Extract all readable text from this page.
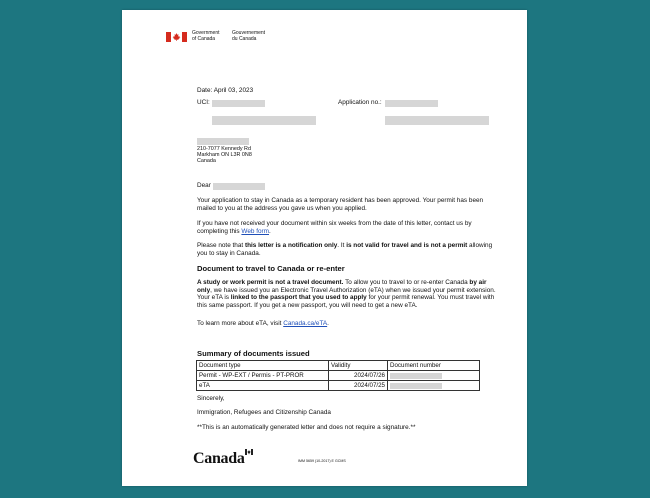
Government
of Canada
Gouvernement
du Canada
Date: April 03, 2023
UCI:	Application no.:
210-7077 Kennedy Rd
Markham ON L3R 0N8
Canada
Dear
Your application to stay in Canada as a temporary resident has been approved. Your permit has been mailed to you at the address you gave us when you applied.
If you have not received your document within six weeks from the date of this letter, contact us by completing this Web form.
Please note that this letter is a notification only. It is not valid for travel and is not a permit allowing you to stay in Canada.
Document to travel to Canada or re-enter
A study or work permit is not a travel document. To allow you to travel to or re-enter Canada by air only, we have issued you an Electronic Travel Authorization (eTA) when we issued your permit extension. Your eTA is linked to the passport that you used to apply for your permit renewal. You must travel with this same passport. If you get a new passport, you will need to get a new eTA.
To learn more about eTA, visit Canada.ca/eTA.
Summary of documents issued
Document type	Validity	Document number
Permit - WP-EXT / Permis - PT-PROR	2024/07/26	

eTA	2024/07/25	
Sincerely,
Immigration, Refugees and Citizenship Canada
**This is an automatically generated letter and does not require a signature.**
Canada	IMM 5659 (10-2017) E GCMS
